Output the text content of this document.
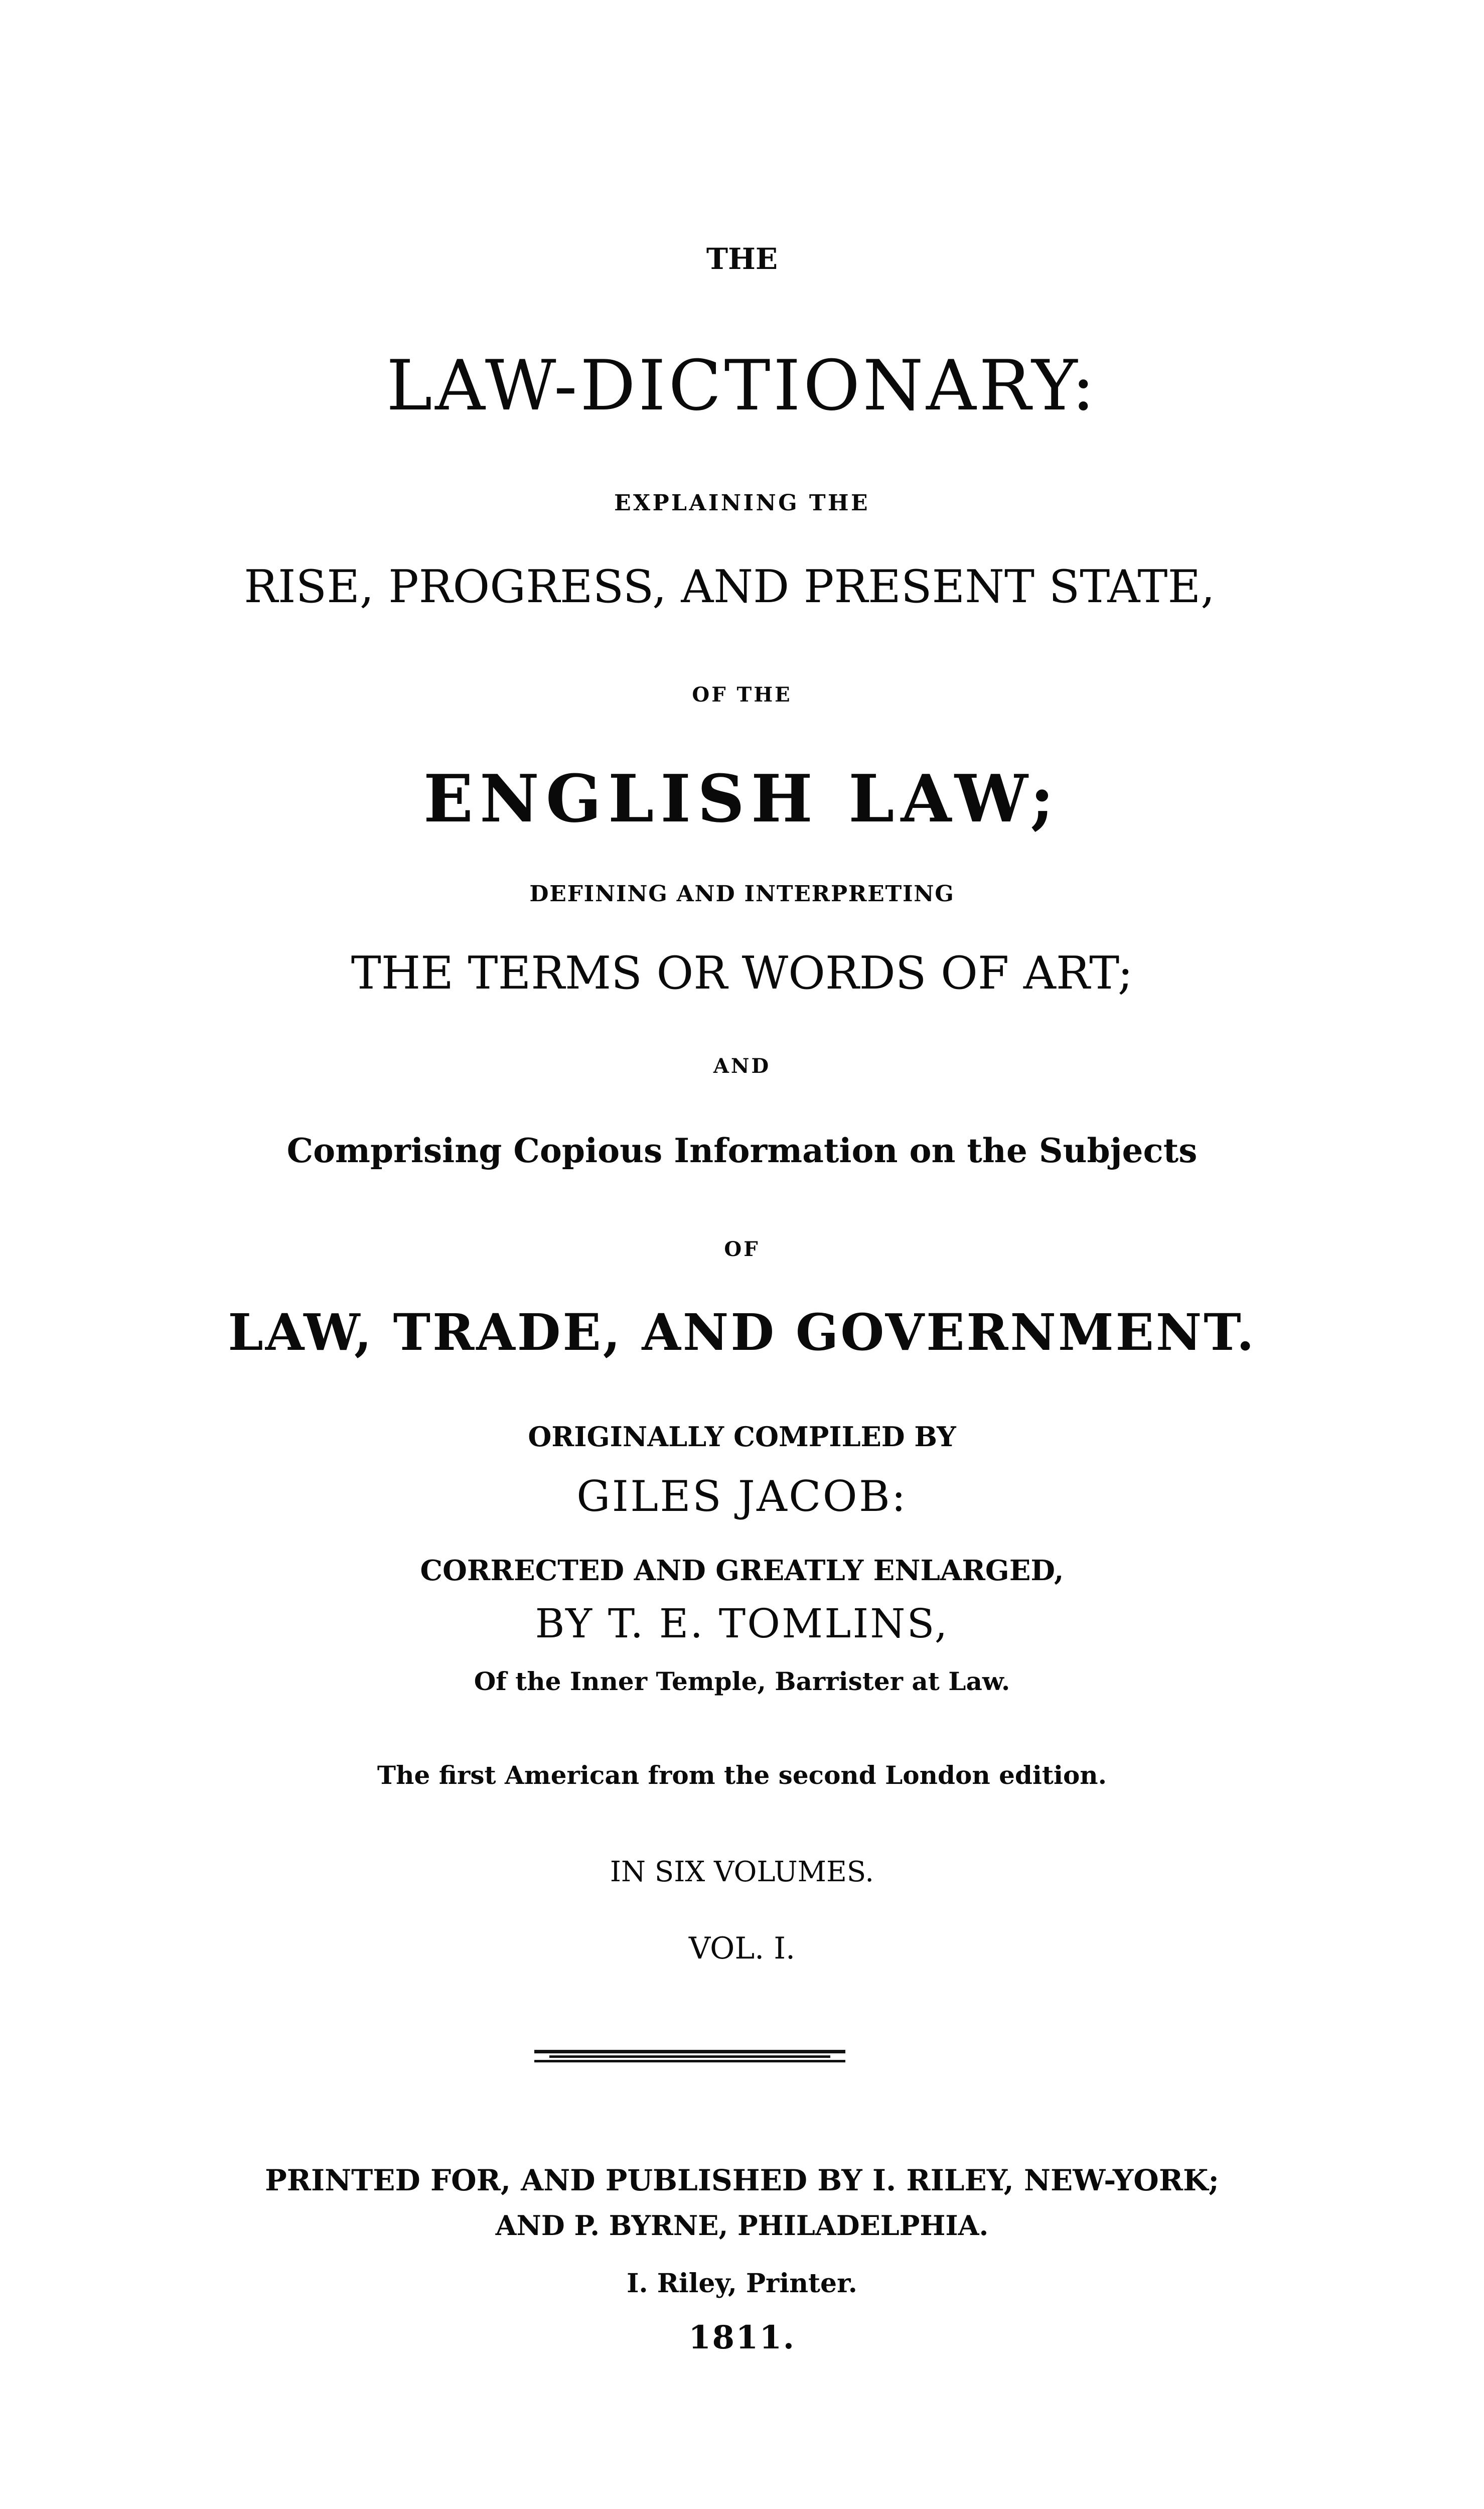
THE
LAW-DICTIONARY:
EXPLAINING THE
RISE, PROGRESS, AND PRESENT STATE,
OF THE
ENGLISH LAW;
DEFINING AND INTERPRETING
THE TERMS OR WORDS OF ART;
AND
Comprising Copious Information on the Subjects
OF
LAW, TRADE, AND GOVERNMENT.
ORIGINALLY COMPILED BY
GILES JACOB:
CORRECTED AND GREATLY ENLARGED,
BY T. E. TOMLINS,
Of the Inner Temple, Barrister at Law.
The first American from the second London edition.
IN SIX VOLUMES.
VOL. I.
PRINTED FOR, AND PUBLISHED BY I. RILEY, NEW-YORK;
AND P. BYRNE, PHILADELPHIA.
I. Riley, Printer.
1811.
